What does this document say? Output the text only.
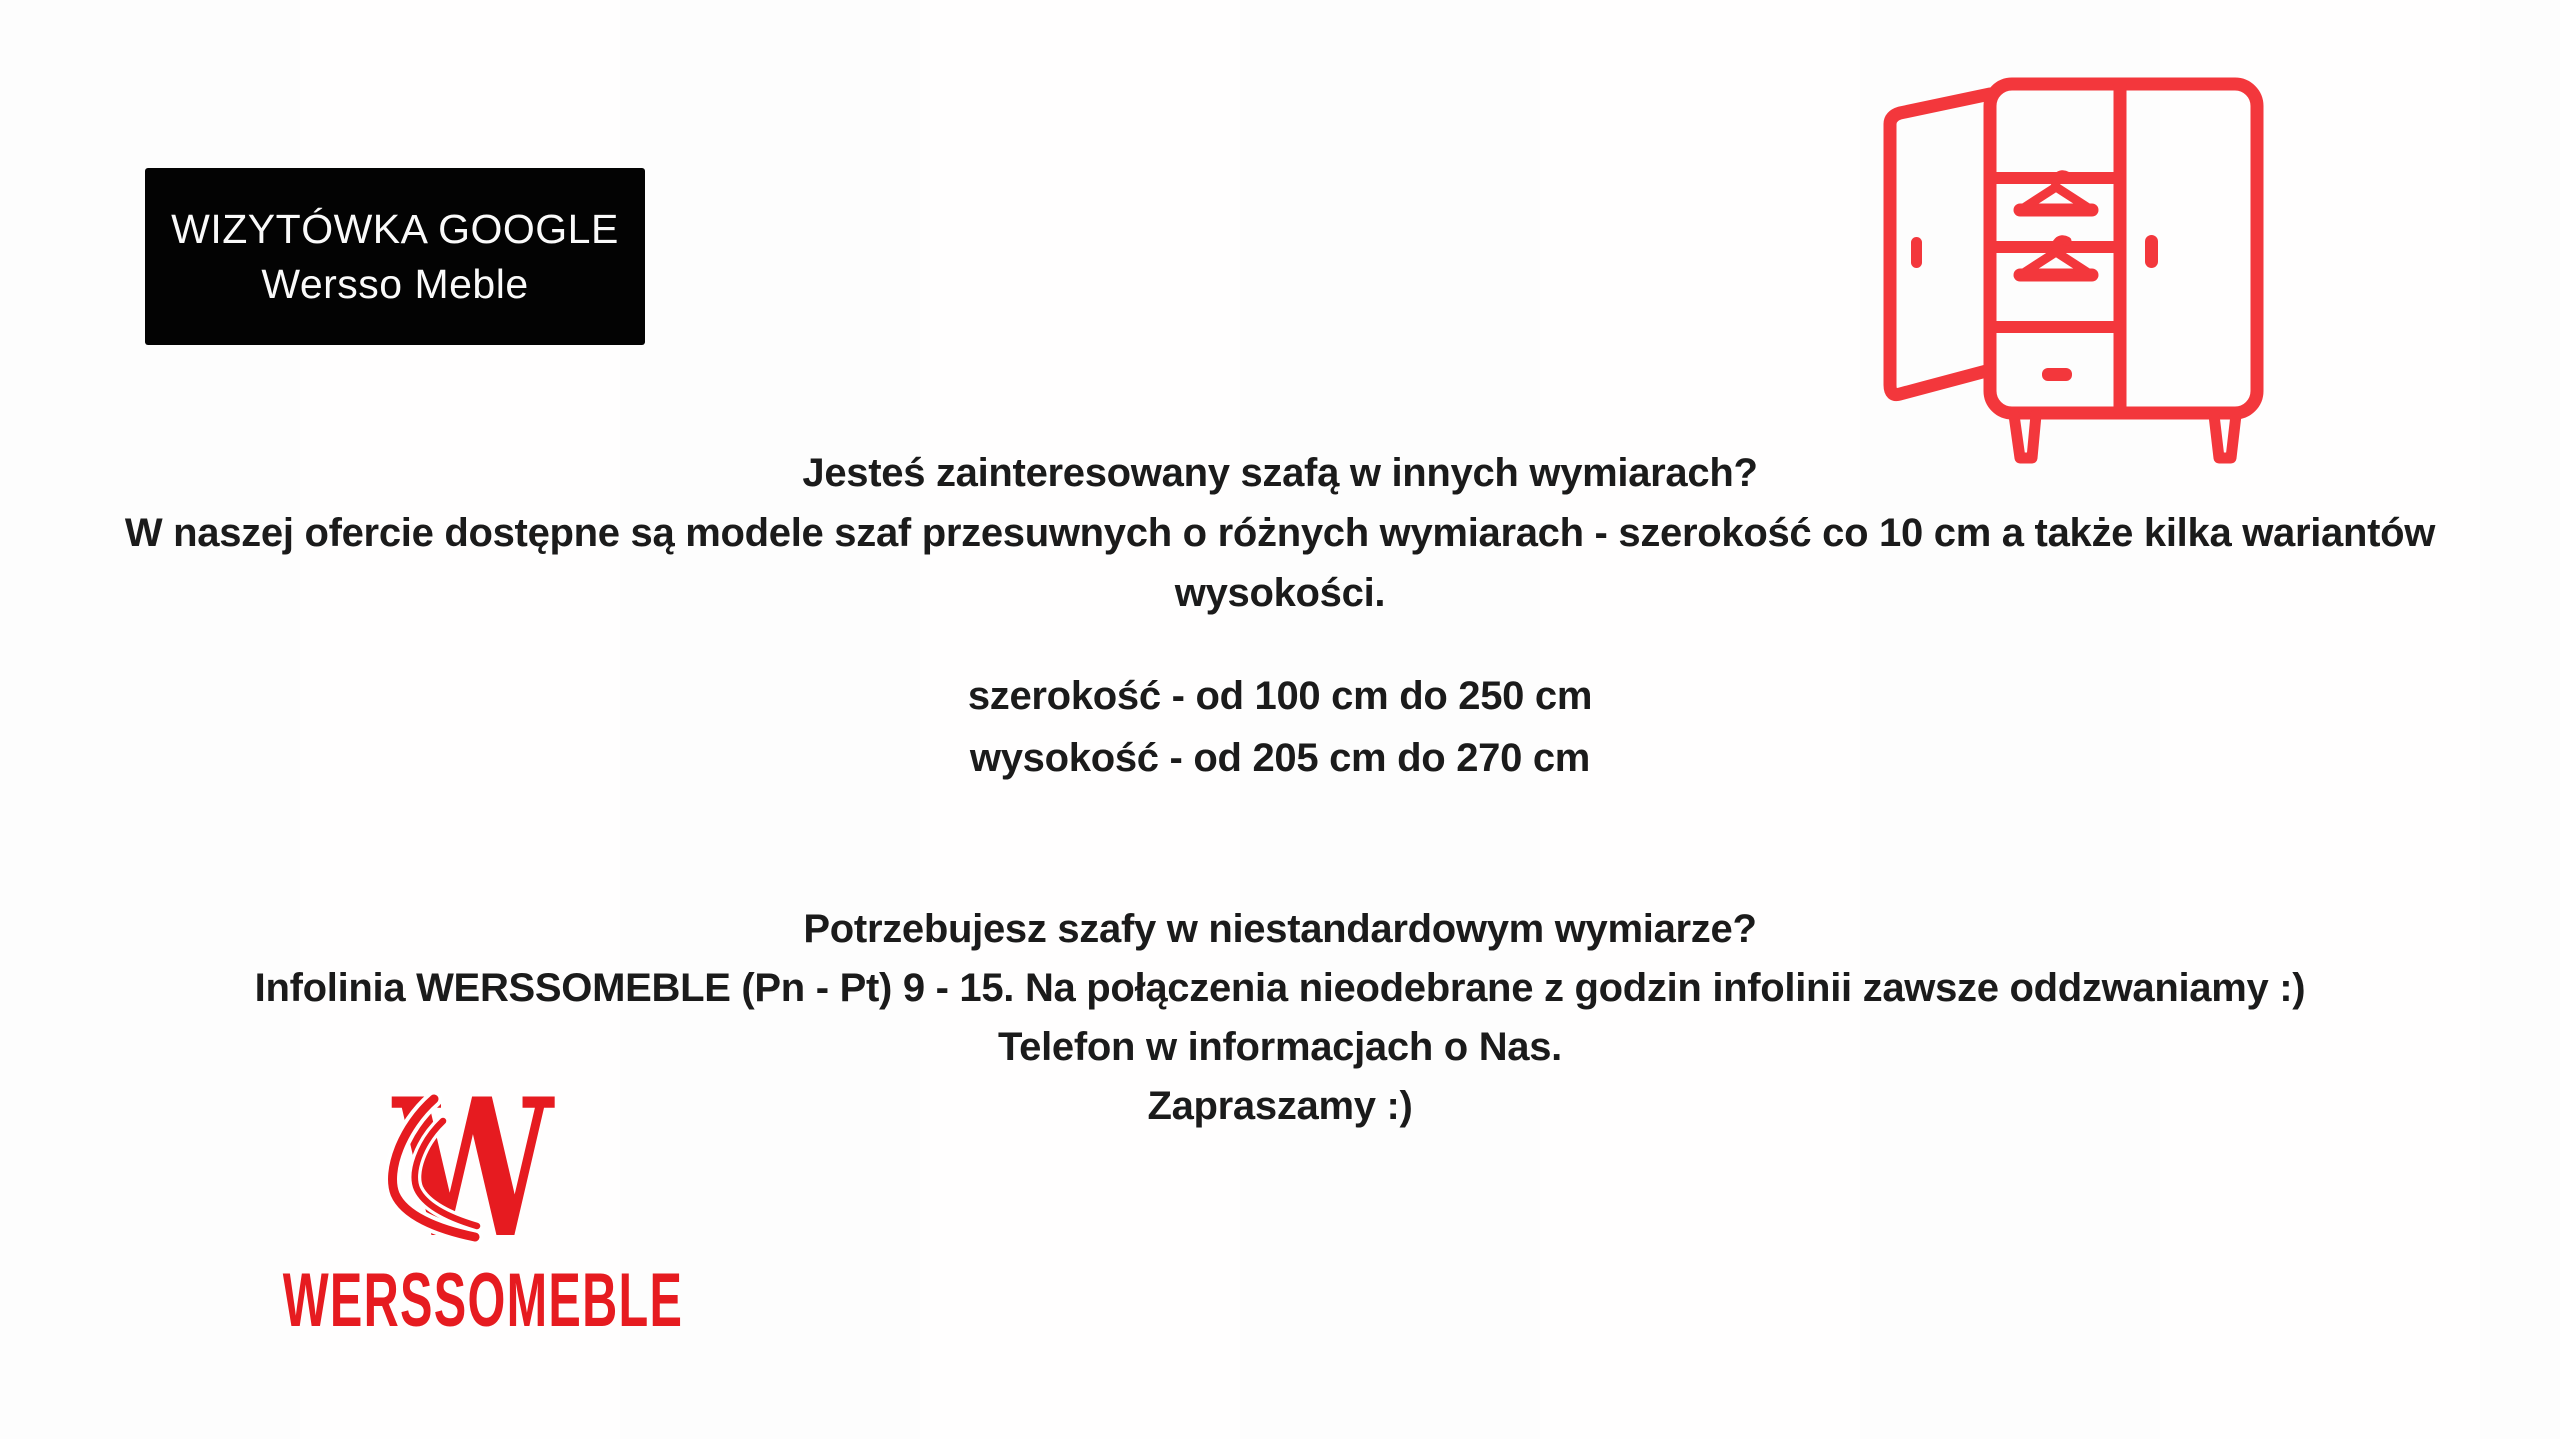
WIZYTÓWKA GOOGLE
Wersso Meble
Jesteś zainteresowany szafą w innych wymiarach?
W naszej ofercie dostępne są modele szaf przesuwnych o różnych wymiarach - szerokość co 10 cm a także kilka wariantów
wysokości.
szerokość - od 100 cm do 250 cm
wysokość - od 205 cm do 270 cm
Potrzebujesz szafy w niestandardowym wymiarze?
Infolinia WERSSOMEBLE (Pn - Pt) 9 - 15. Na połączenia nieodebrane z godzin infolinii zawsze oddzwaniamy :)
Telefon w informacjach o Nas.
Zapraszamy :)
W
WERSSOMEBLE
